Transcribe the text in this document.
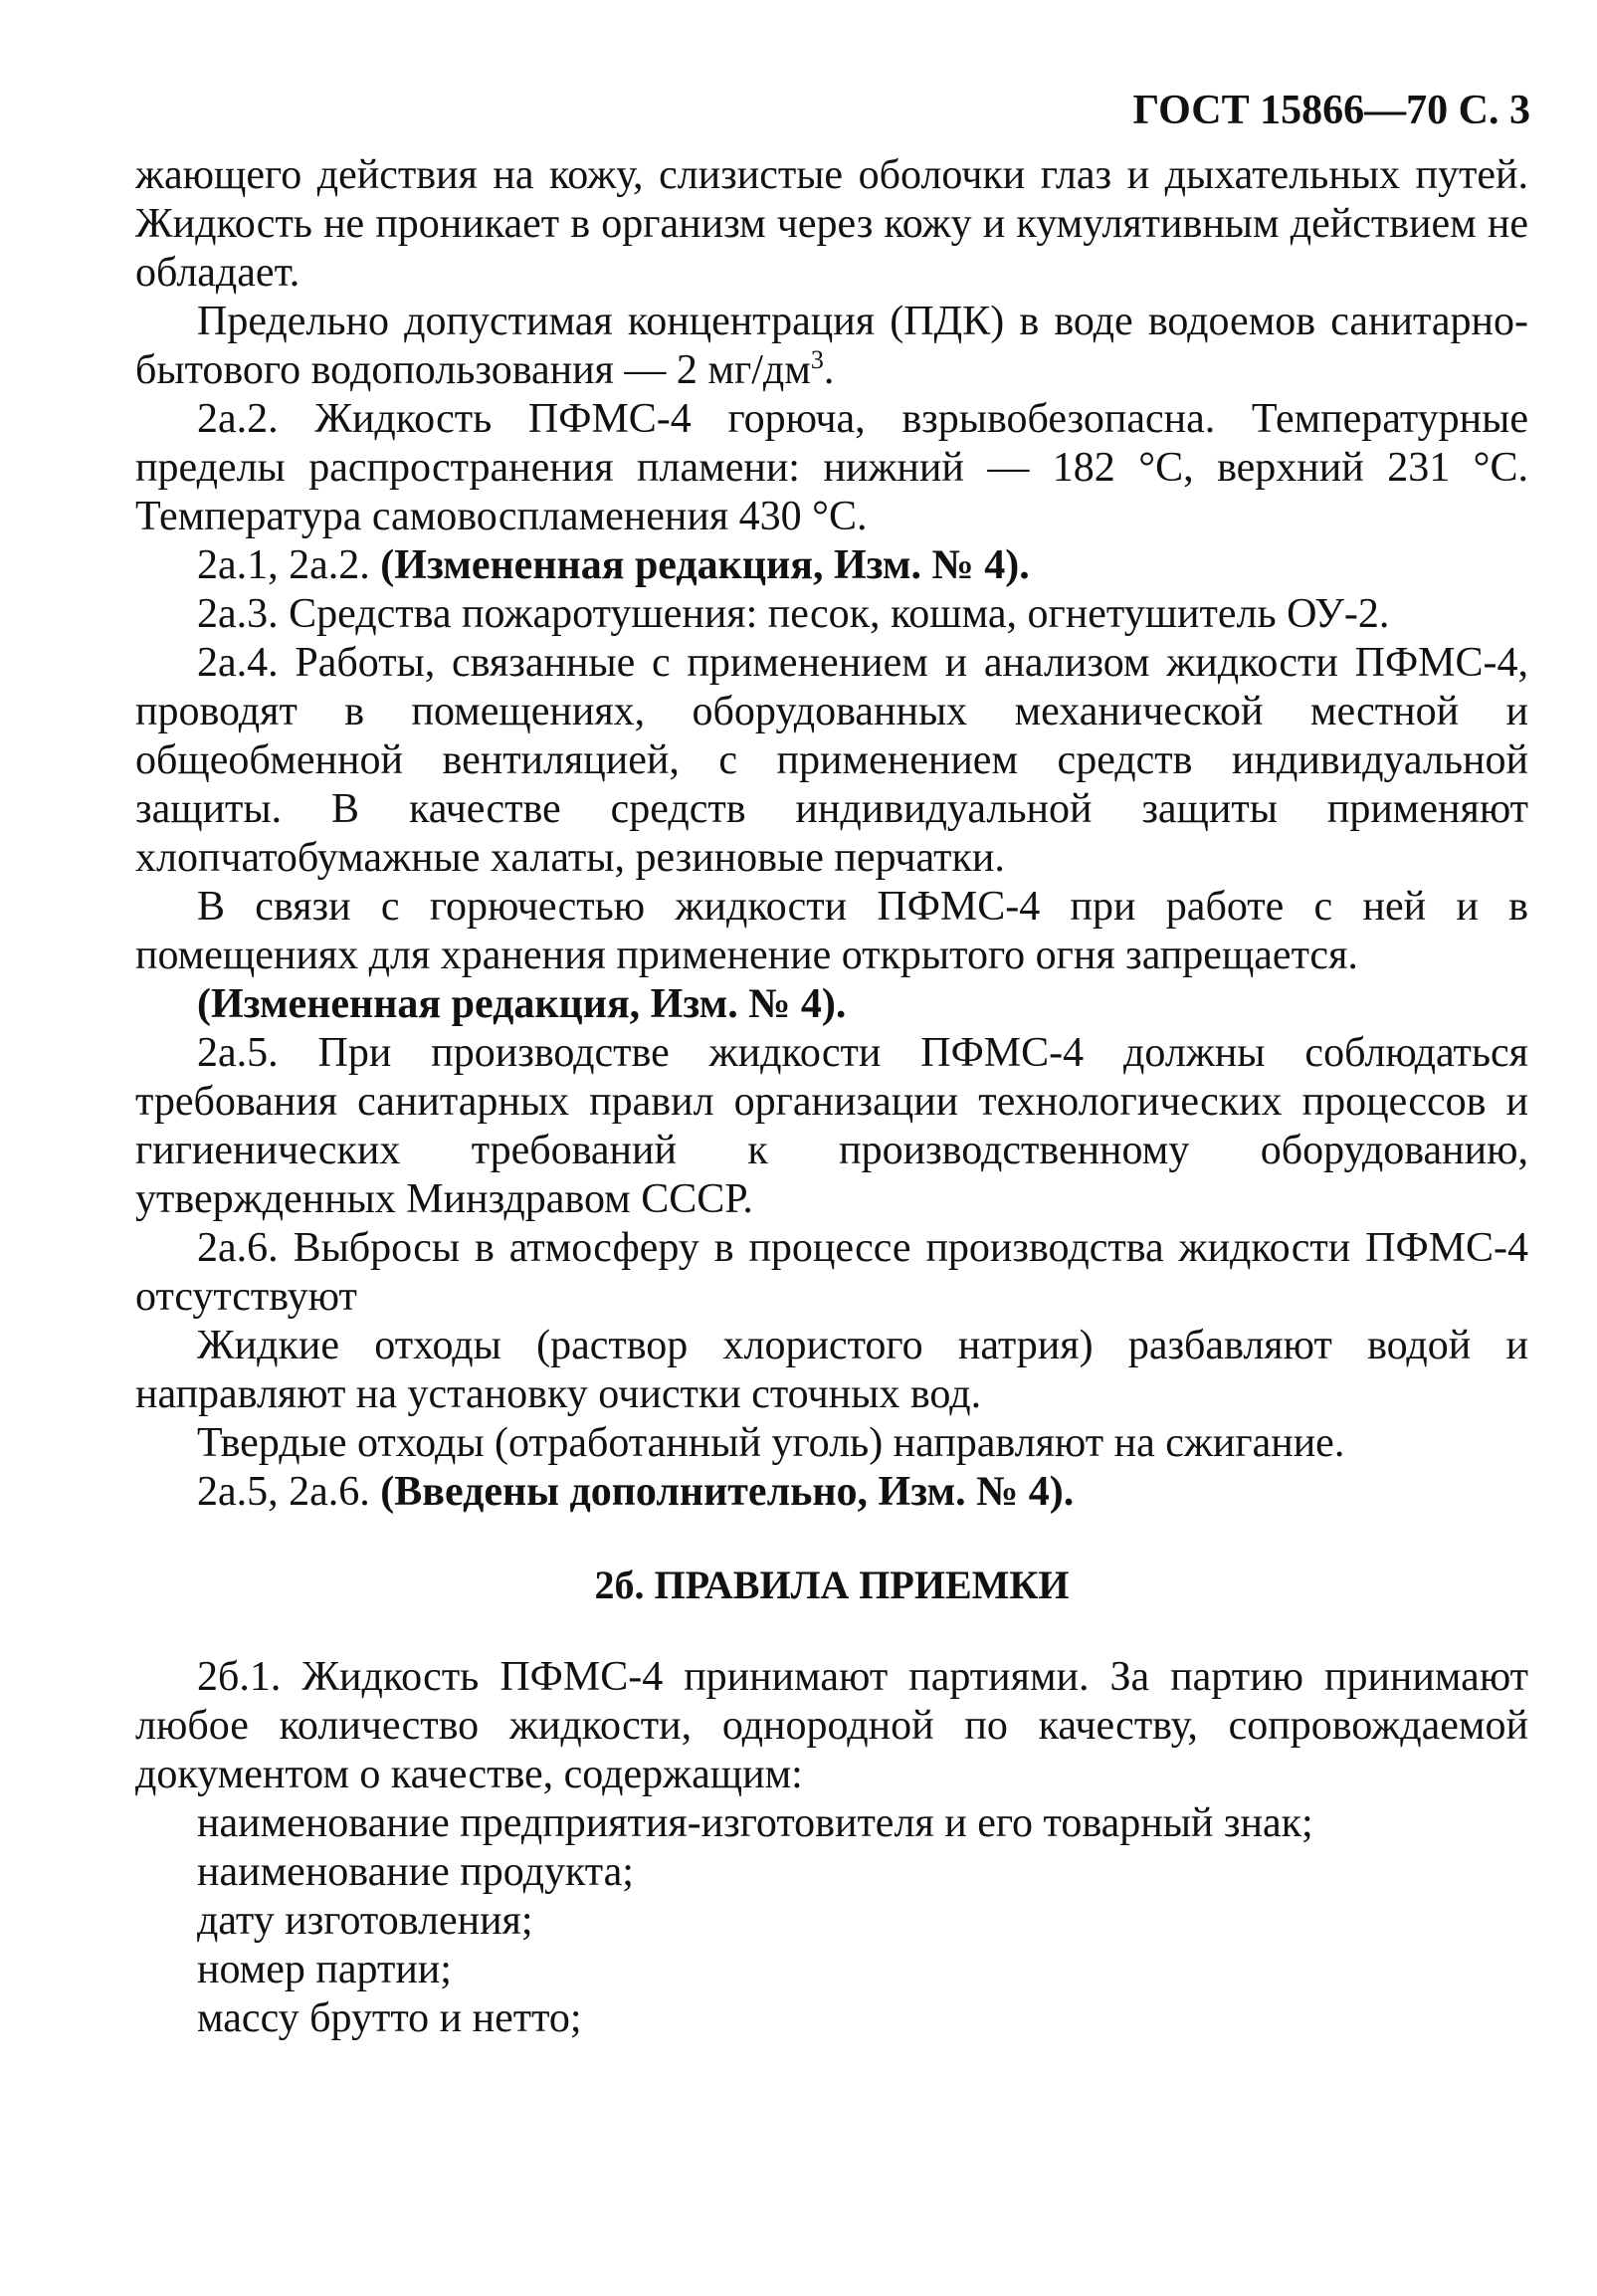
ГОСТ 15866—70 С. 3

жающего действия на кожу, слизистые оболочки глаз и дыхательных путей. Жидкость не проникает в организм через кожу и кумулятивным действием не обладает.

Предельно допустимая концентрация (ПДК) в воде водоемов санитарно-бытового водопользования — 2 $мг/дм^3$.

2а.2. Жидкость ПФМС-4 горюча, взрывобезопасна. Температурные пределы распространения пламени: нижний — 182 °С, верхний 231 °С. Температура самовоспламенения 430 °С.

2а.1, 2а.2. (Измененная редакция, Изм. № 4).

2а.3. Средства пожаротушения: песок, кошма, огнетушитель ОУ-2.

2а.4. Работы, связанные с применением и анализом жидкости ПФМС-4, проводят в помещениях, оборудованных механической местной и общеобменной вентиляцией, с применением средств индивидуальной защиты. В качестве средств индивидуальной защиты применяют хлопчатобумажные халаты, резиновые перчатки.

В связи с горючестью жидкости ПФМС-4 при работе с ней и в помещениях для хранения применение открытого огня запрещается.

(Измененная редакция, Изм. № 4).

2а.5. При производстве жидкости ПФМС-4 должны соблюдаться требования санитарных правил организации технологических процессов и гигиенических требований к производственному оборудованию, утвержденных Минздравом СССР.

2а.6. Выбросы в атмосферу в процессе производства жидкости ПФМС-4 отсутствуют

Жидкие отходы (раствор хлористого натрия) разбавляют водой и направляют на установку очистки сточных вод.

Твердые отходы (отработанный уголь) направляют на сжигание.

2а.5, 2а.6. (Введены дополнительно, Изм. № 4).

2б. ПРАВИЛА ПРИЕМКИ

2б.1. Жидкость ПФМС-4 принимают партиями. За партию принимают любое количество жидкости, однородной по качеству, сопровождаемой документом о качестве, содержащим:

наименование предприятия-изготовителя и его товарный знак;
наименование продукта;
дату изготовления;
номер партии;
массу брутто и нетто;
